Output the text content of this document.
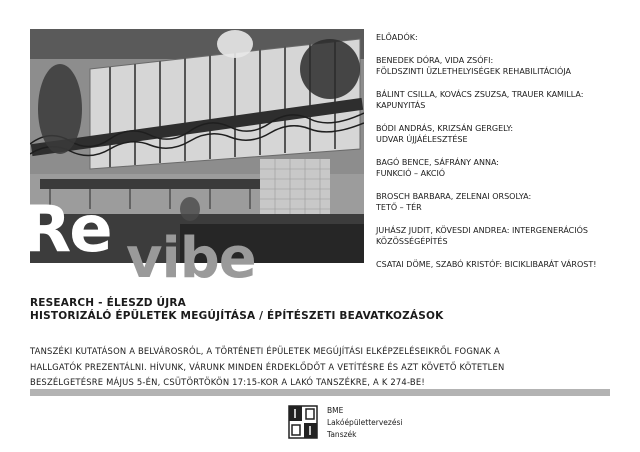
Re vibe
ELŐADÓK:
BENEDEK DÓRA, VIDA ZSÓFI:
FÖLDSZINTI ÜZLETHELYISÉGEK REHABILITÁCIÓJA
BÁLINT CSILLA, KOVÁCS ZSUZSA, TRAUER KAMILLA:
KAPUNYITÁS
BÓDI ANDRÁS, KRIZSÁN GERGELY:
UDVAR ÚJJÁÉLESZTÉSE
BAGÓ BENCE, SÁFRÁNY ANNA:
FUNKCIÓ – AKCIÓ
BROSCH BARBARA, ZELENAI ORSOLYA:
TETŐ – TÉR
JUHÁSZ JUDIT, KÖVESDI ANDREA: INTERGENERÁCIÓS
KÖZÖSSÉGÉPÍTÉS
CSATAI DÖME, SZABÓ KRISTÓF: BICIKLIBARÁT VÁROST!
RESEARCH - ÉLESZD ÚJRA
HISTORIZÁLÓ ÉPÜLETEK MEGÚJÍTÁSA / ÉPÍTÉSZETI BEAVATKOZÁSOK
TANSZÉKI KUTATÁSON A BELVÁROSRÓL, A TÖRTÉNETI ÉPÜLETEK MEGÚJÍTÁSI ELKÉPZELÉSEIKRŐL FOGNAK A
HALLGATÓK PREZENTÁLNI. HÍVUNK, VÁRUNK MINDEN ÉRDEKLŐDŐT A VETÍTÉSRE ÉS AZT KÖVETŐ KÖTETLEN
BESZÉLGETÉSRE MÁJUS 5-ÉN, CSÜTÖRTÖKÖN 17:15-KOR A LAKÓ TANSZÉKRE, A K 274-BE!
BME
Lakóépülettervezési
Tanszék
